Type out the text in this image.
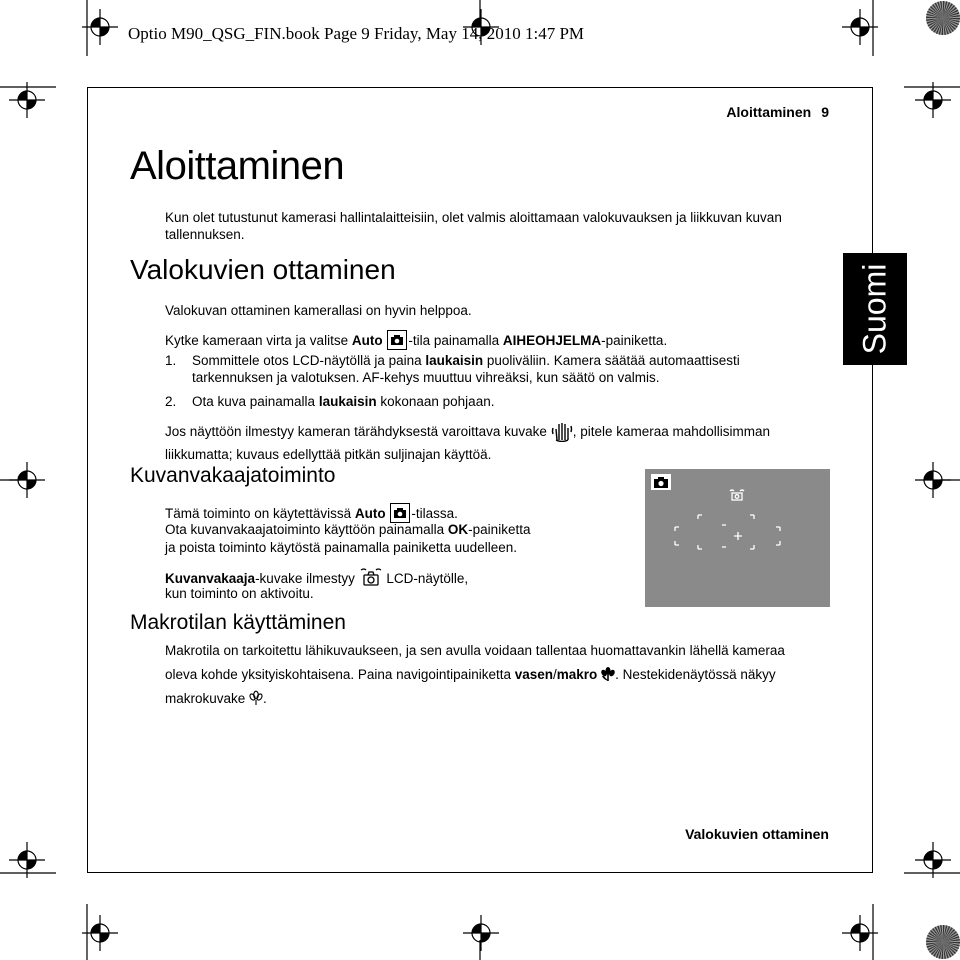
Optio M90_QSG_FIN.book Page 9 Friday, May 14, 2010 1:47 PM
Aloittaminen 9
Suomi
Aloittaminen
Kun olet tutustunut kamerasi hallintalaitteisiin, olet valmis aloittamaan valokuvauksen ja liikkuvan kuvan tallennuksen.
Valokuvien ottaminen
Valokuvan ottaminen kamerallasi on hyvin helppoa.
Kytke kameraan virta ja valitse Auto -tila painamalla AIHEOHJELMA-painiketta.
1. Sommittele otos LCD-näytöllä ja paina laukaisin puoliväliin. Kamera säätää automaattisesti tarkennuksen ja valotuksen. AF-kehys muuttuu vihreäksi, kun säätö on valmis.
2. Ota kuva painamalla laukaisin kokonaan pohjaan.
Jos näyttöön ilmestyy kameran tärähdyksestä varoittava kuvake , pitele kameraa mahdollisimman liikkumatta; kuvaus edellyttää pitkän suljinajan käyttöä.
Kuvanvakaajatoiminto
Tämä toiminto on käytettävissä Auto -tilassa.
Ota kuvanvakaajatoiminto käyttöön painamalla OK-painiketta
ja poista toiminto käytöstä painamalla painiketta uudelleen.
Kuvanvakaaja-kuvake ilmestyy  LCD-näytölle,
kun toiminto on aktivoitu.
Makrotilan käyttäminen
Makrotila on tarkoitettu lähikuvaukseen, ja sen avulla voidaan tallentaa huomattavankin lähellä kameraa
oleva kohde yksityiskohtaisena. Paina navigointipainiketta vasen/makro . Nestekidenäytössä näkyy
makrokuvake .
Valokuvien ottaminen
